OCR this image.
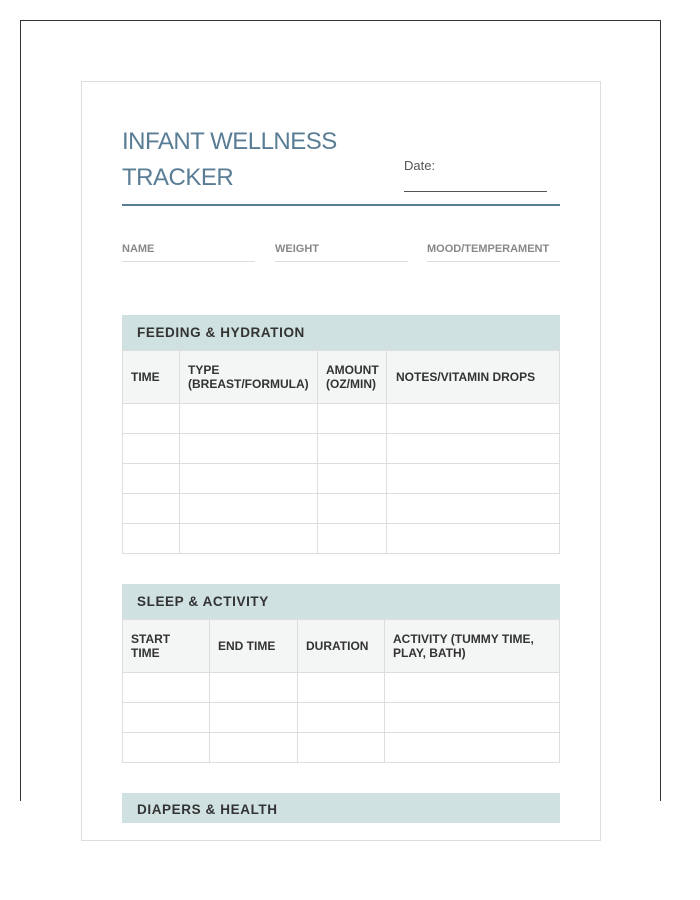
INFANT WELLNESS
TRACKER	Date:
NAME	WEIGHT	MOOD/TEMPERAMENT
FEEDING & HYDRATION
TIME	TYPE (BREAST/FORMULA)	AMOUNT (OZ/MIN)	NOTES/VITAMIN DROPS

SLEEP & ACTIVITY
START TIME	END TIME	DURATION	ACTIVITY (TUMMY TIME, PLAY, BATH)

DIAPERS & HEALTH
